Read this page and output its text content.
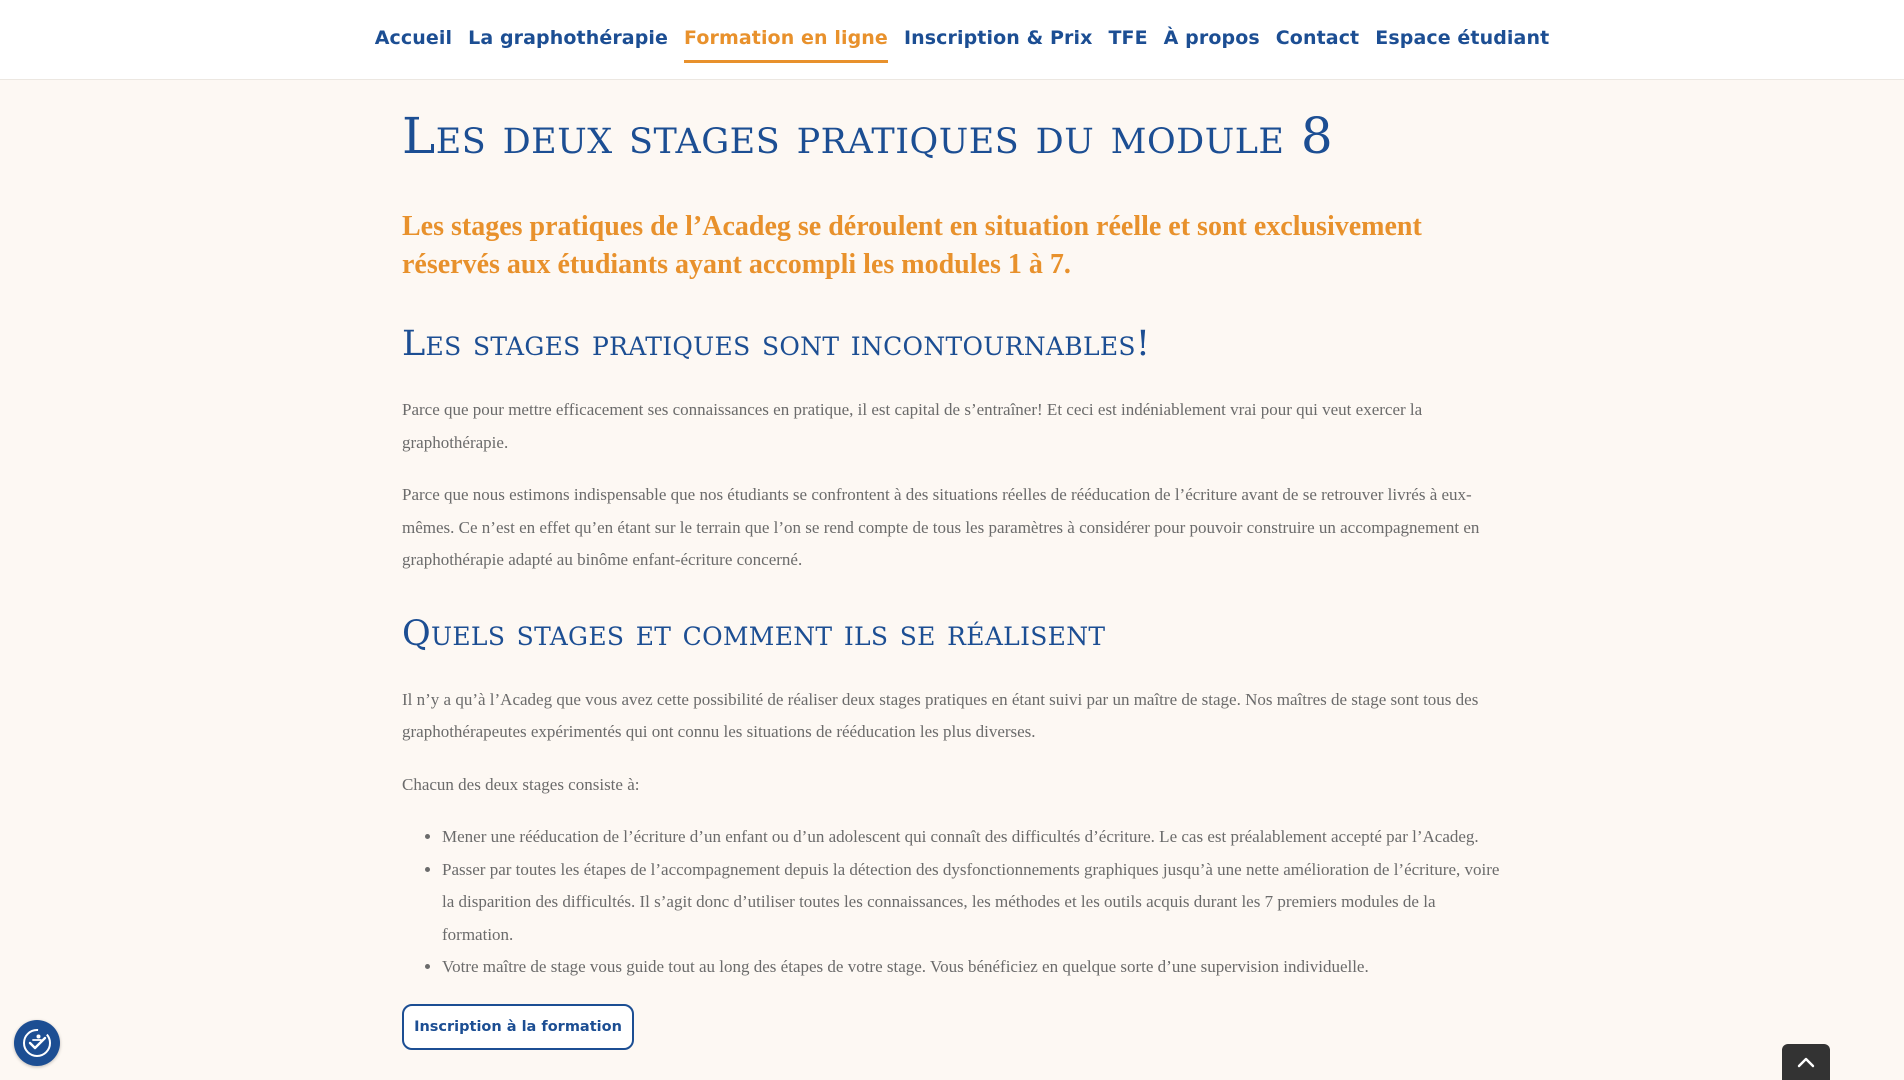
Accueil La graphothérapie Formation en ligne Inscription & Prix TFE À propos Contact Espace étudiant
Les deux stages pratiques du module 8
Les stages pratiques de l’Acadeg se déroulent en situation réelle et sont exclusivement réservés aux étudiants ayant accompli les modules 1 à 7.
Les stages pratiques sont incontournables!

Parce que pour mettre efficacement ses connaissances en pratique, il est capital de s’entraîner! Et ceci est indéniablement vrai pour qui veut exercer la graphothérapie.

Parce que nous estimons indispensable que nos étudiants se confrontent à des situations réelles de rééducation de l’écriture avant de se retrouver livrés à eux-mêmes. Ce n’est en effet qu’en étant sur le terrain que l’on se rend compte de tous les paramètres à considérer pour pouvoir construire un accompagnement en graphothérapie adapté au binôme enfant-écriture concerné.

Quels stages et comment ils se réalisent

Il n’y a qu’à l’Acadeg que vous avez cette possibilité de réaliser deux stages pratiques en étant suivi par un maître de stage. Nos maîtres de stage sont tous des graphothérapeutes expérimentés qui ont connu les situations de rééducation les plus diverses.

Chacun des deux stages consiste à:

• Mener une rééducation de l’écriture d’un enfant ou d’un adolescent qui connaît des difficultés d’écriture. Le cas est préalablement accepté par l’Acadeg.
• Passer par toutes les étapes de l’accompagnement depuis la détection des dysfonctionnements graphiques jusqu’à une nette amélioration de l’écriture, voire la disparition des difficultés. Il s’agit donc d’utiliser toutes les connaissances, les méthodes et les outils acquis durant les 7 premiers modules de la formation.
• Votre maître de stage vous guide tout au long des étapes de votre stage. Vous bénéficiez en quelque sorte d’une supervision individuelle.
Inscription à la formation
